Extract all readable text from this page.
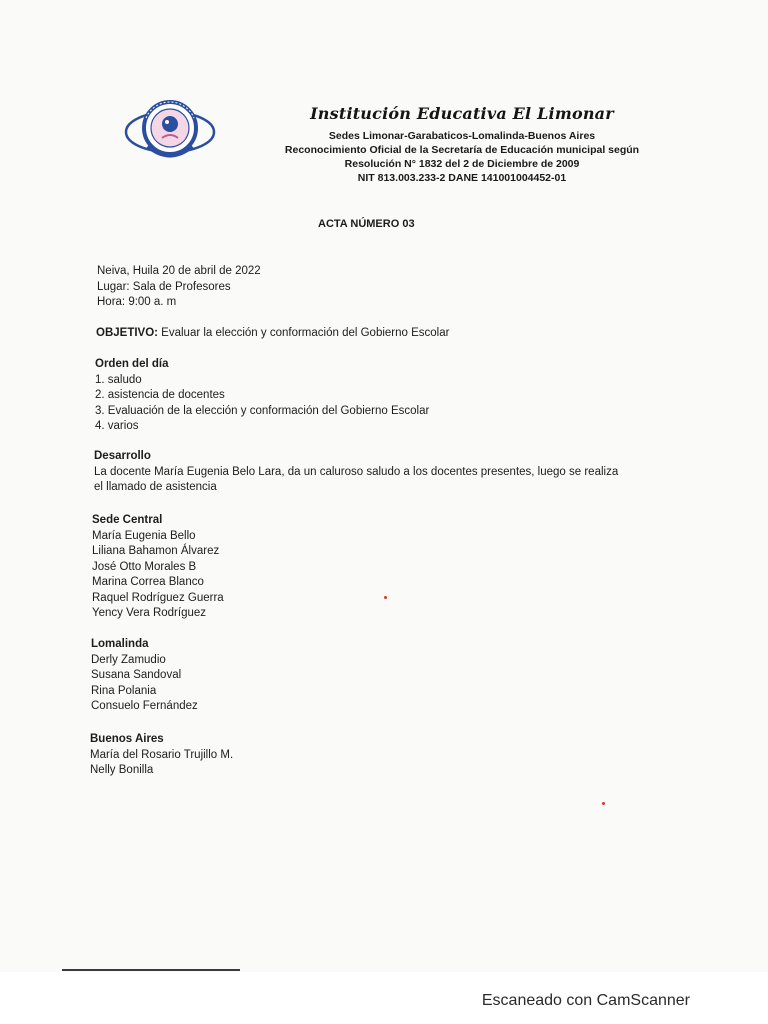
Institución Educativa El Limonar
Sedes Limonar-Garabaticos-Lomalinda-Buenos Aires
Reconocimiento Oficial de la Secretaría de Educación municipal según
Resolución N° 1832 del 2 de Diciembre de 2009
NIT 813.003.233-2 DANE 141001004452-01
ACTA NÚMERO 03
Neiva, Huila 20 de abril de 2022
Lugar: Sala de Profesores
Hora: 9:00 a. m
OBJETIVO: Evaluar la elección y conformación del Gobierno Escolar
Orden del día
1. saludo
2. asistencia de docentes
3. Evaluación de la elección y conformación del Gobierno Escolar
4. varios
Desarrollo
La docente María Eugenia Belo Lara, da un caluroso saludo a los docentes presentes, luego se realiza
el llamado de asistencia
Sede Central
María Eugenia Bello
Liliana Bahamon Álvarez
José Otto Morales B
Marina Correa Blanco
Raquel Rodríguez Guerra
Yency Vera Rodríguez
Lomalinda
Derly Zamudio
Susana Sandoval
Rina Polania
Consuelo Fernández
Buenos Aires
María del Rosario Trujillo M.
Nelly Bonilla
Escaneado con CamScanner
